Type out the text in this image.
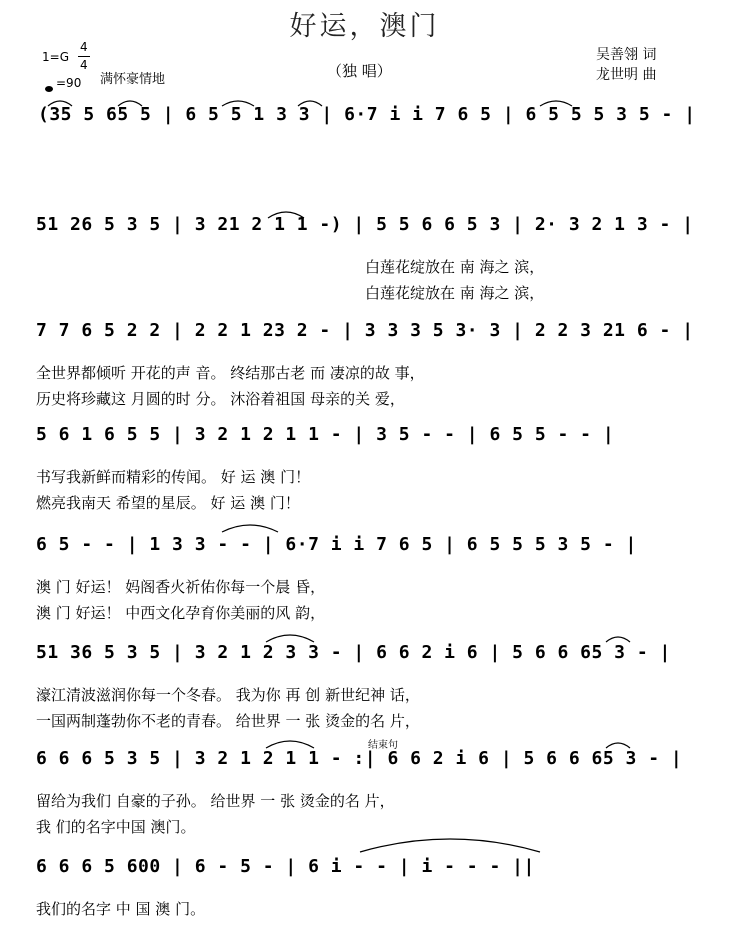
好运，澳门
（独 唱）
吴善翎 词
龙世明 曲
1=G
4
4
=90 满怀豪情地
(35 5 65 5 | 6 5 5 1 3 3 | 6·7 i i 7 6 5 | 6 5 5 5 3 5 - |
51 26 5 3 5 | 3 21 2 1 1 -) | 5 5 6 6 5 3 | 2· 3 2 1 3 - |
白莲花绽放在 南 海之 滨，
白莲花绽放在 南 海之 滨，
7 7 6 5 2 2 | 2 2 1 23 2 - | 3 3 3 5 3· 3 | 2 2 3 21 6 - |
全世界都倾听 开花的声 音。 终结那古老 而 凄凉的故 事，
历史将珍藏这 月圆的时 分。 沐浴着祖国 母亲的关 爱，
5 6 1 6 5 5 | 3 2 1 2 1 1 - | 3 5 - - | 6 5 5 - - |
书写我新鲜而精彩的传闻。 好 运 澳 门！
燃亮我南天 希望的星辰。 好 运 澳 门！
6 5 - - | 1 3 3 - - | 6·7 i i 7 6 5 | 6 5 5 5 3 5 - |
澳 门 好运！ 妈阁香火祈佑你每一个晨 昏，
澳 门 好运！ 中西文化孕育你美丽的风 韵，
51 36 5 3 5 | 3 2 1 2 3 3 - | 6 6 2 i 6 | 5 6 6 65 3 - |
濠江清波滋润你每一个冬春。 我为你 再 创 新世纪神 话，
一国两制蓬勃你不老的青春。 给世界 一 张 烫金的名 片，
结束句
6 6 6 5 3 5 | 3 2 1 2 1 1 - :| 6 6 2 i 6 | 5 6 6 65 3 - |
留给为我们 自豪的子孙。 给世界 一 张 烫金的名 片，
我 们的名字中国 澳门。
6 6 6 5 600 | 6 - 5 - | 6 i - - | i - - - ||
我们的名字 中 国 澳 门。
